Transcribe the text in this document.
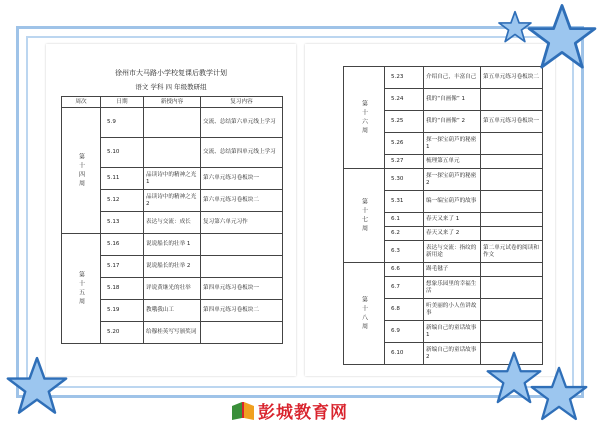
徐州市大马路小学校复课后教学计划
语文 学科 四 年级教研组
周次	日期	新授内容	复习内容
第十四周	5.9		交流、总结第六单元线上学习
	5.10		交流、总结第四单元线上学习
	5.11	品读诗中的精神之光 1	第六单元练习卷板块一
	5.12	品读诗中的精神之光 2	第六单元练习卷板块二
	5.13	表达与交流：成长	复习第六单元习作
第十五周	5.16	说说船长的壮举 1	
	5.17	说说船长的壮举 2	
	5.18	评说黄继光的壮举	第四单元练习卷板块一
	5.19	教哦我山工	第四单元练习卷板块二
	5.20	给穆桂英写写颁奖词	
第十六周	5.23	介绍自己，丰富自己	第五单元练习卷板块二
	5.24	我的“自画像” 1	
	5.25	我的“自画像” 2	第五单元练习卷板块一
	5.26	探一探宝葫芦的秘密 1	
	5.27	梳理第五单元	
第十七周	5.30	探一探宝葫芦的秘密 2	
	5.31	编一编宝葫芦的故事	
	6.1	春天又来了 1	
	6.2	春天又来了 2	
	6.3	表达与交流：指纹的新用途	第二单元试卷的阅读和作文
第十八周	6.6	踢毛毽子	
	6.7	想象乐园里的幸福生活	
	6.8	听美丽的小人鱼讲故事	
	6.9	新编自己的童话故事 1	
	6.10	新编自己的童话故事 2	
彭城教育网
